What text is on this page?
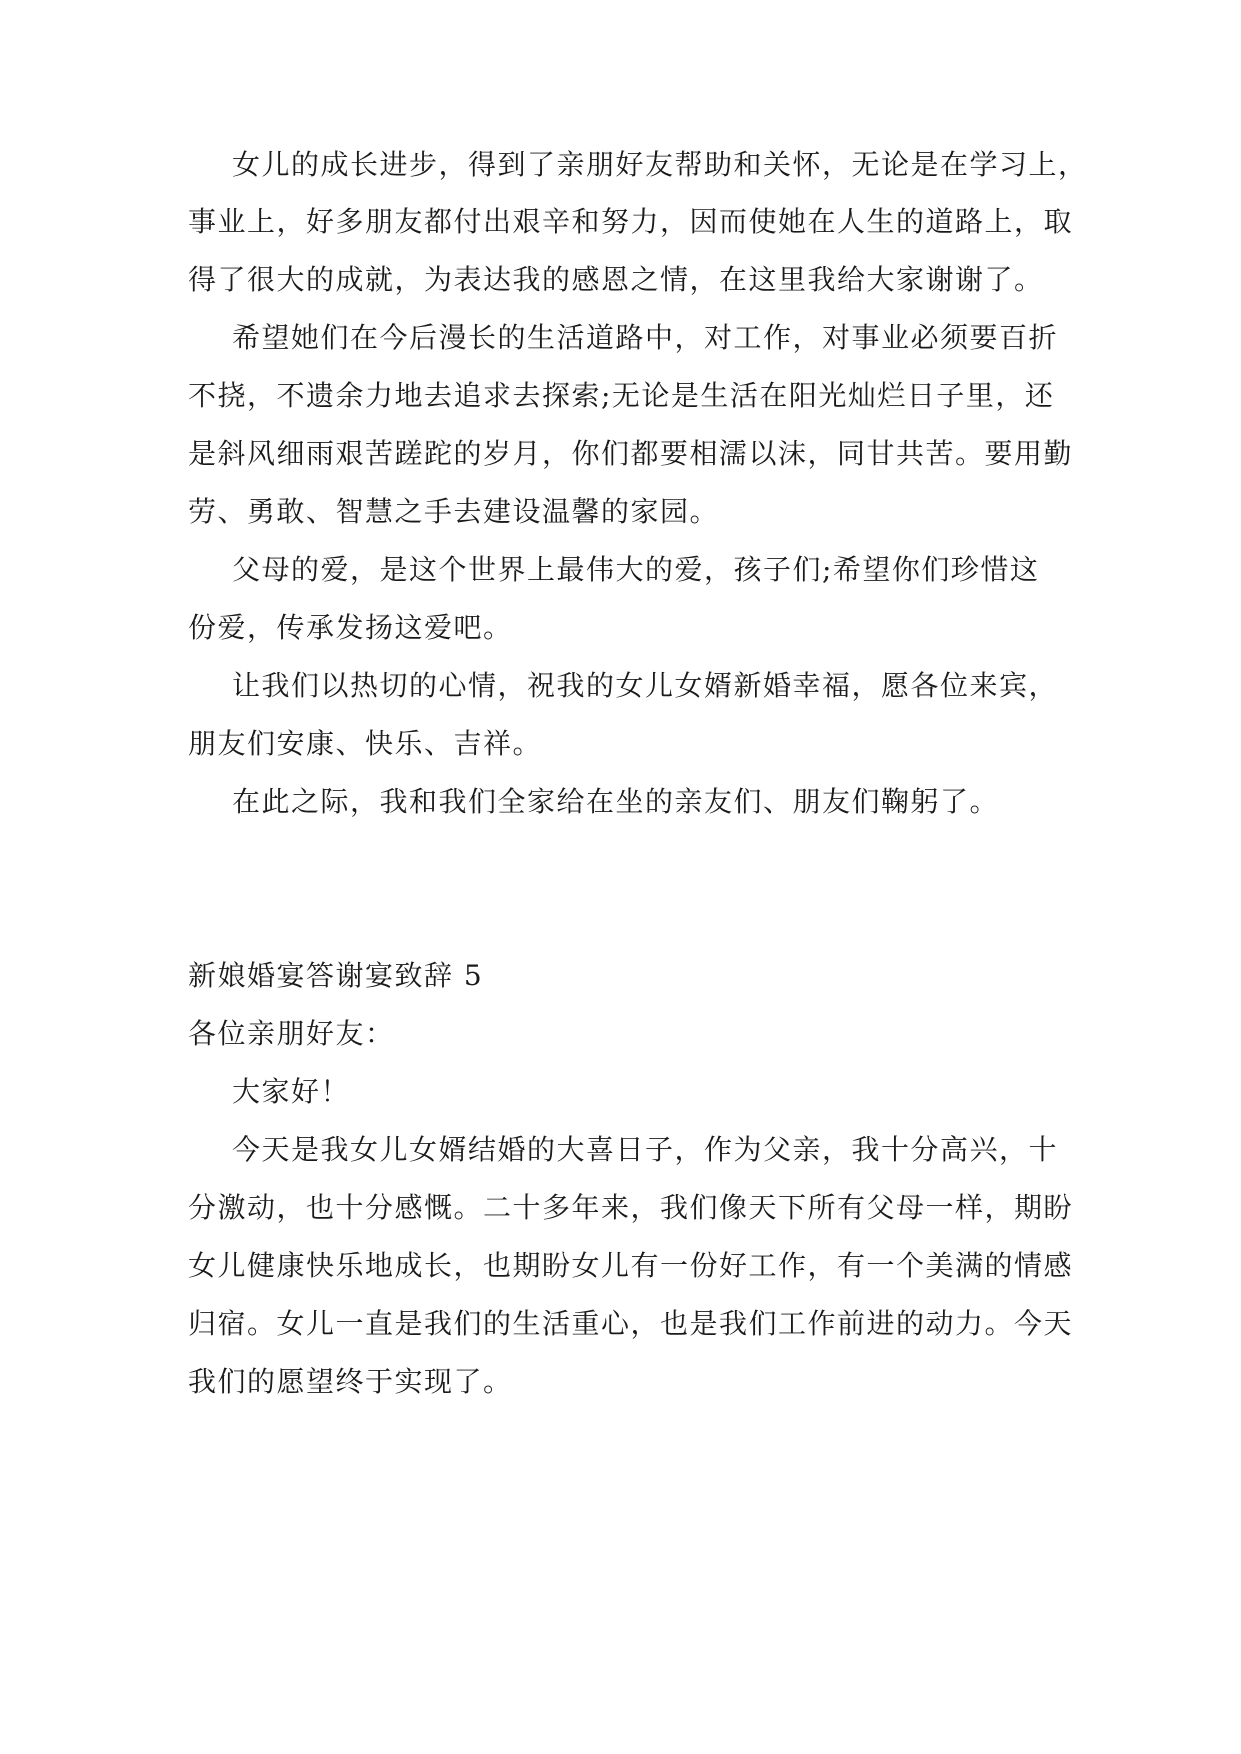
女儿的成长进步，得到了亲朋好友帮助和关怀，无论是在学习上，
事业上，好多朋友都付出艰辛和努力，因而使她在人生的道路上，取
得了很大的成就，为表达我的感恩之情，在这里我给大家谢谢了。
希望她们在今后漫长的生活道路中，对工作，对事业必须要百折
不挠，不遗余力地去追求去探索;无论是生活在阳光灿烂日子里，还
是斜风细雨艰苦蹉跎的岁月，你们都要相濡以沫，同甘共苦。要用勤
劳、勇敢、智慧之手去建设温馨的家园。
父母的爱，是这个世界上最伟大的爱，孩子们;希望你们珍惜这
份爱，传承发扬这爱吧。
让我们以热切的心情，祝我的女儿女婿新婚幸福，愿各位来宾，
朋友们安康、快乐、吉祥。
在此之际，我和我们全家给在坐的亲友们、朋友们鞠躬了。
新娘婚宴答谢宴致辞 5
各位亲朋好友：
大家好！
今天是我女儿女婿结婚的大喜日子，作为父亲，我十分高兴，十
分激动，也十分感慨。二十多年来，我们像天下所有父母一样，期盼
女儿健康快乐地成长，也期盼女儿有一份好工作，有一个美满的情感
归宿。女儿一直是我们的生活重心，也是我们工作前进的动力。今天
我们的愿望终于实现了。
